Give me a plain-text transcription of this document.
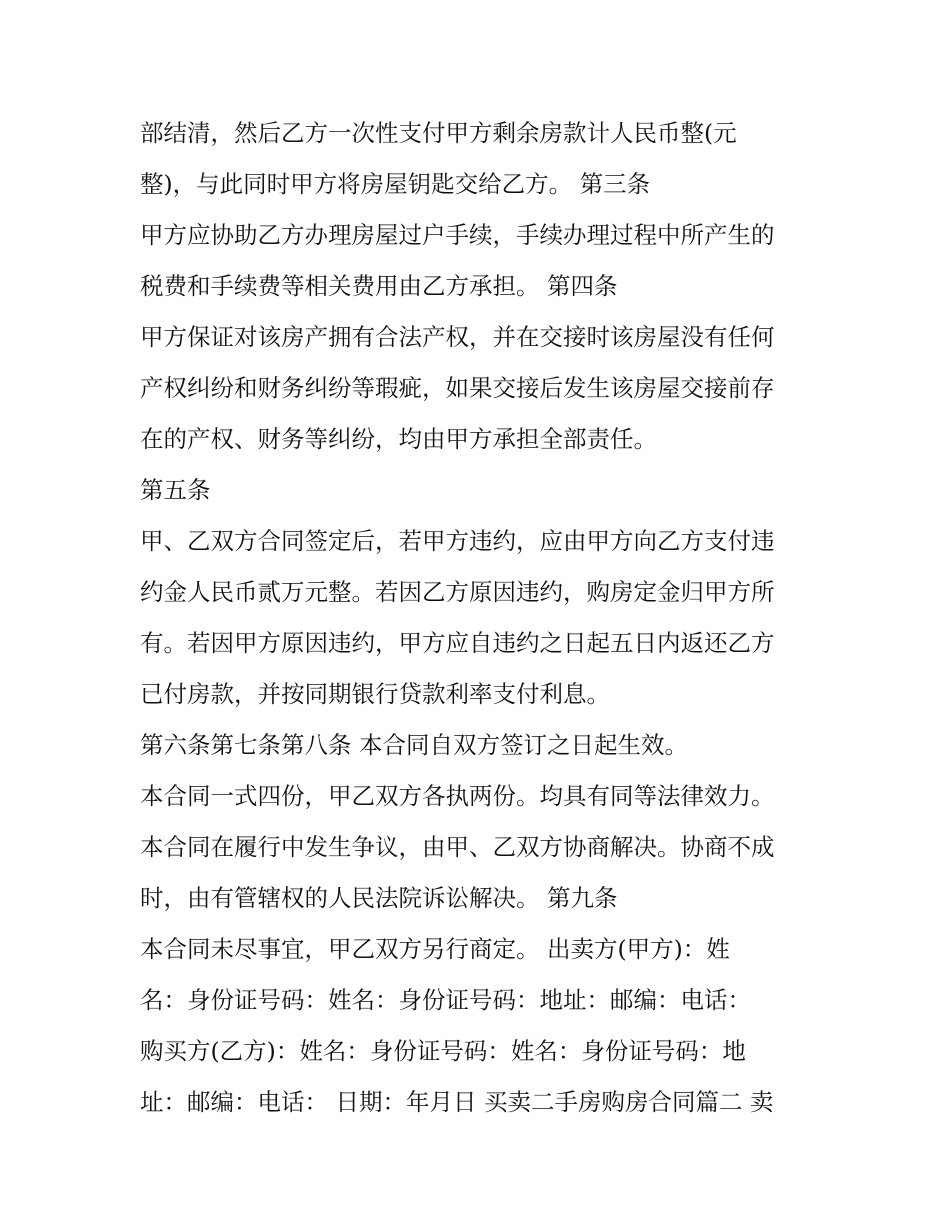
部结清，然后乙方一次性支付甲方剩余房款计人民币整(元
整)，与此同时甲方将房屋钥匙交给乙方。 第三条
甲方应协助乙方办理房屋过户手续，手续办理过程中所产生的
税费和手续费等相关费用由乙方承担。 第四条
甲方保证对该房产拥有合法产权，并在交接时该房屋没有任何
产权纠纷和财务纠纷等瑕疵，如果交接后发生该房屋交接前存
在的产权、财务等纠纷，均由甲方承担全部责任。
第五条
甲、乙双方合同签定后，若甲方违约，应由甲方向乙方支付违
约金人民币贰万元整。若因乙方原因违约，购房定金归甲方所
有。若因甲方原因违约，甲方应自违约之日起五日内返还乙方
已付房款，并按同期银行贷款利率支付利息。
第六条第七条第八条 本合同自双方签订之日起生效。
本合同一式四份，甲乙双方各执两份。均具有同等法律效力。
本合同在履行中发生争议，由甲、乙双方协商解决。协商不成
时，由有管辖权的人民法院诉讼解决。 第九条
本合同未尽事宜，甲乙双方另行商定。 出卖方(甲方)：姓
名：身份证号码：姓名：身份证号码：地址：邮编：电话：
购买方(乙方)：姓名：身份证号码：姓名：身份证号码：地
址：邮编：电话： 日期：年月日 买卖二手房购房合同篇二 卖
